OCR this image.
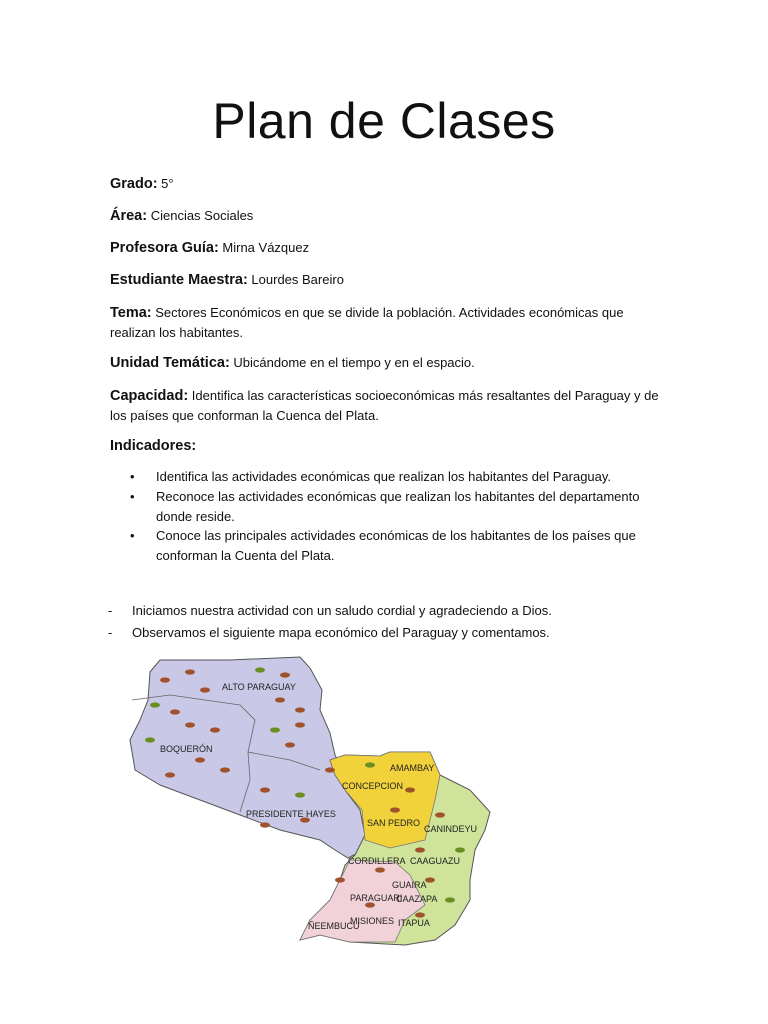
Plan de Clases
Grado: 5°
Área: Ciencias Sociales
Profesora Guía: Mirna Vázquez
Estudiante Maestra: Lourdes Bareiro
Tema: Sectores Económicos en que se divide la población. Actividades económicas que realizan los habitantes.
Unidad Temática: Ubicándome en el tiempo y en el espacio.
Capacidad: Identifica las características socioeconómicas más resaltantes del Paraguay y de los países que conforman la Cuenca del Plata.
Indicadores:
• Identifica las actividades económicas que realizan los habitantes del Paraguay.
• Reconoce las actividades económicas que realizan los habitantes del departamento donde reside.
• Conoce las principales actividades económicas de los habitantes de los países que conforman la Cuenta del Plata.
- Iniciamos nuestra actividad con un saludo cordial y agradeciendo a Dios.
- Observamos el siguiente mapa económico del Paraguay y comentamos.
ALTO PARAGUAY
BOQUERÓN
PRESIDENTE HAYES
AMAMBAY
CONCEPCION
SAN PEDRO
CANINDEYU
CORDILLERA CAAGUAZU
GUAIRA
PARAGUARI
CAAZAPA
MISIONES ITAPUA
ÑEEMBUCU
